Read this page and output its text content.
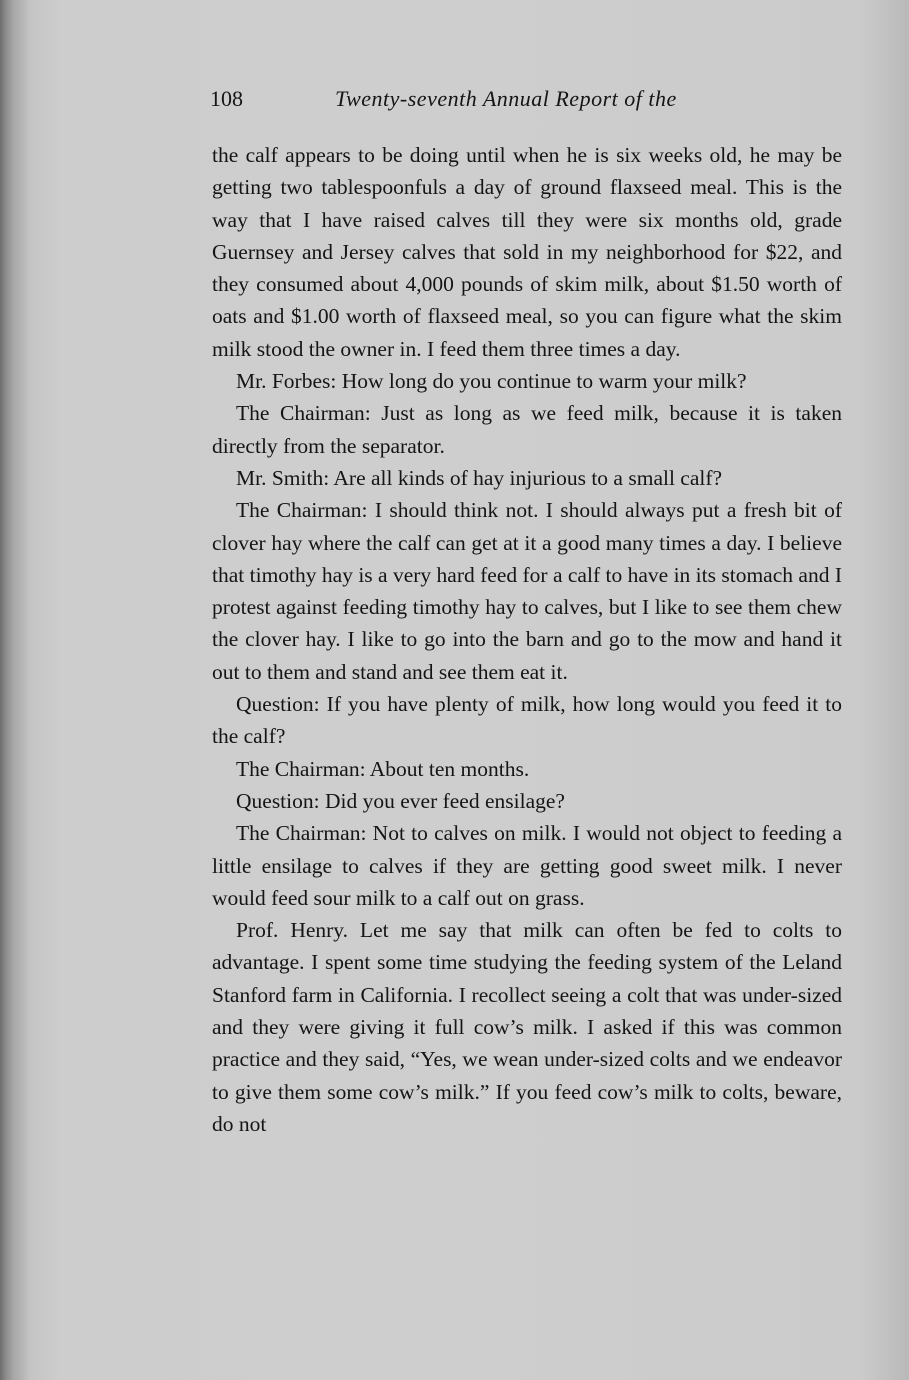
108	Twenty-seventh Annual Report of the

the calf appears to be doing until when he is six weeks old, he may be getting two tablespoonfuls a day of ground flaxseed meal. This is the way that I have raised calves till they were six months old, grade Guernsey and Jersey calves that sold in my neighborhood for $22, and they consumed about 4,000 pounds of skim milk, about $1.50 worth of oats and $1.00 worth of flaxseed meal, so you can figure what the skim milk stood the owner in. I feed them three times a day.

Mr. Forbes: How long do you continue to warm your milk?

The Chairman: Just as long as we feed milk, because it is taken directly from the separator.

Mr. Smith: Are all kinds of hay injurious to a small calf?

The Chairman: I should think not. I should always put a fresh bit of clover hay where the calf can get at it a good many times a day. I believe that timothy hay is a very hard feed for a calf to have in its stomach and I protest against feeding timothy hay to calves, but I like to see them chew the clover hay. I like to go into the barn and go to the mow and hand it out to them and stand and see them eat it.

Question: If you have plenty of milk, how long would you feed it to the calf?

The Chairman: About ten months.

Question: Did you ever feed ensilage?

The Chairman: Not to calves on milk. I would not object to feeding a little ensilage to calves if they are getting good sweet milk. I never would feed sour milk to a calf out on grass.

Prof. Henry. Let me say that milk can often be fed to colts to advantage. I spent some time studying the feeding system of the Leland Stanford farm in California. I recollect seeing a colt that was under-sized and they were giving it full cow’s milk. I asked if this was common practice and they said, “Yes, we wean under-sized colts and we endeavor to give them some cow’s milk.” If you feed cow’s milk to colts, beware, do not
